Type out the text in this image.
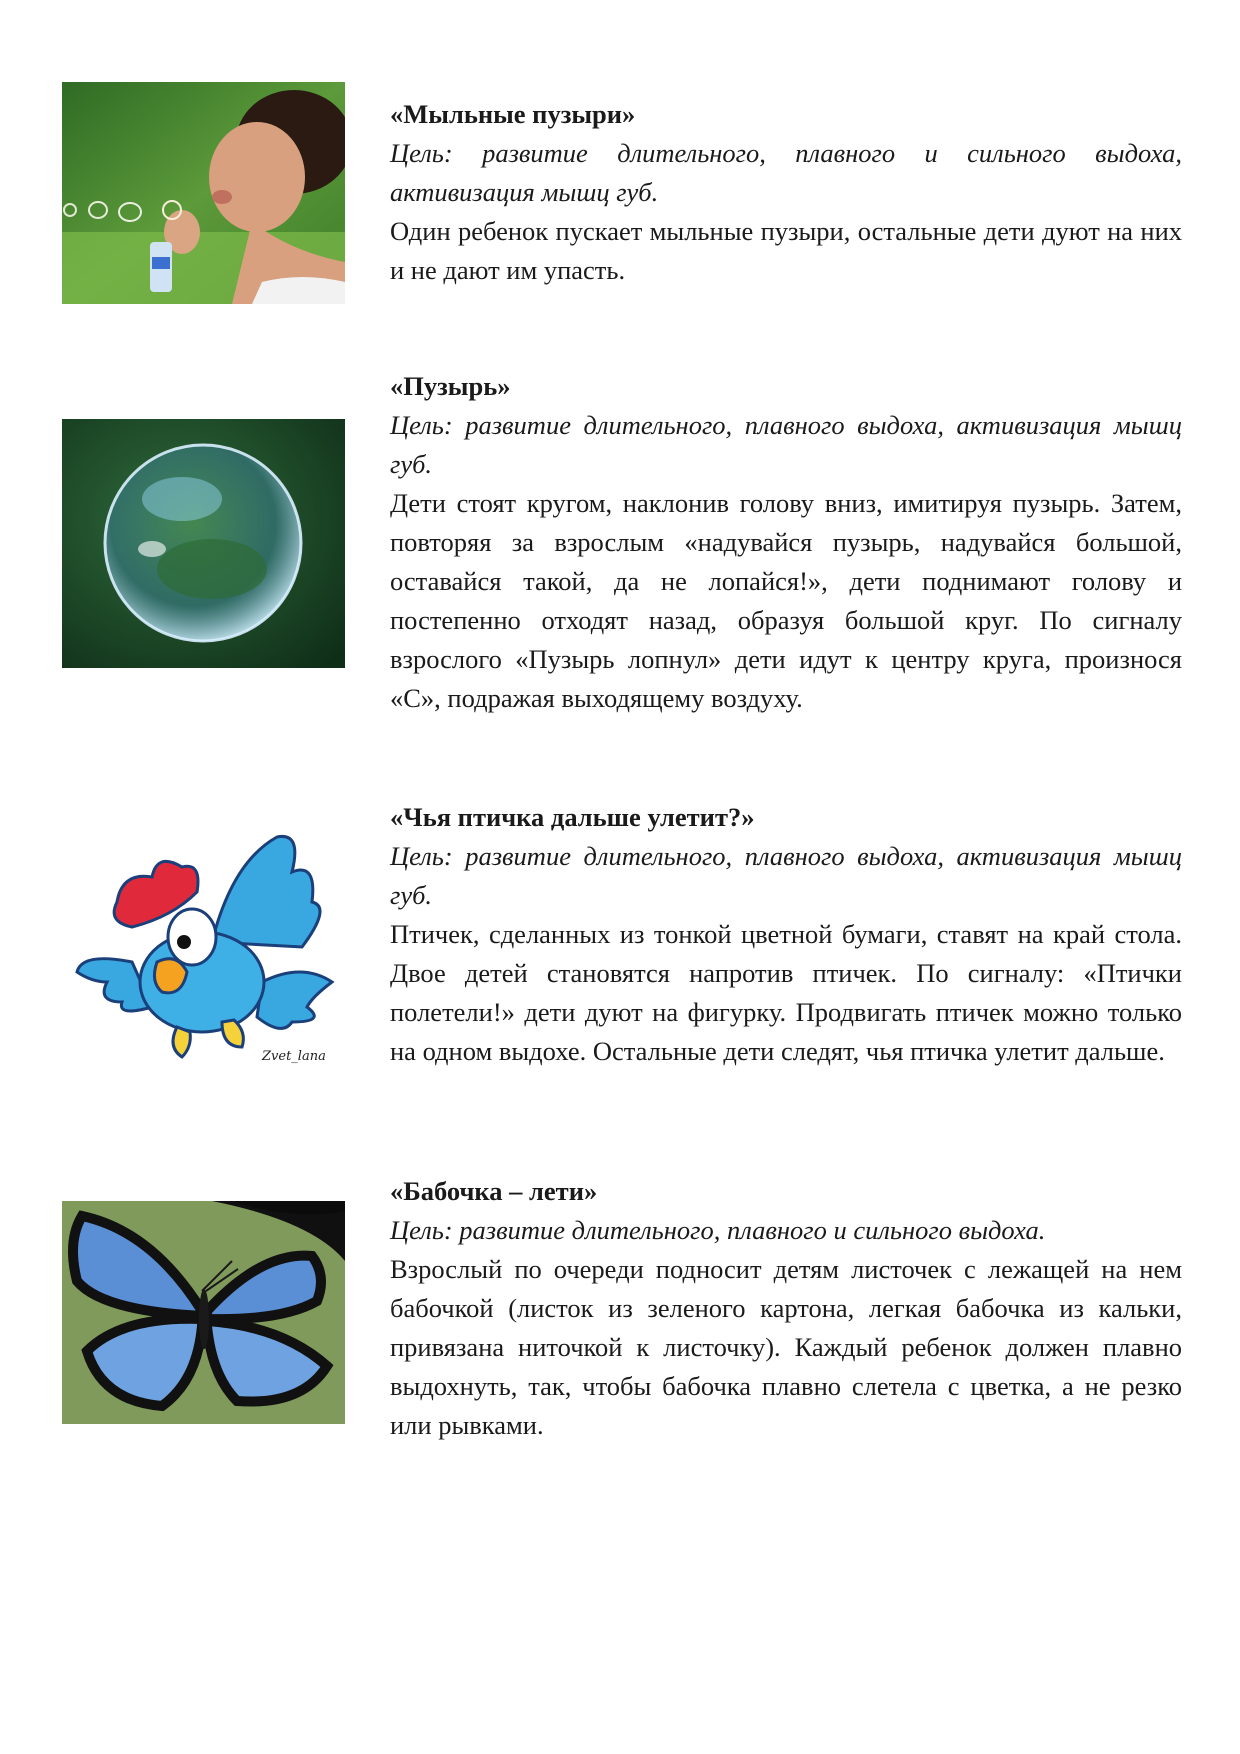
«Мыльные пузыри»
Цель: развитие длительного, плавного и сильного выдоха, активизация мышц губ.
Один ребенок пускает мыльные пузыри, остальные дети дуют на них и не дают им упасть.
«Пузырь»
Цель: развитие длительного, плавного выдоха, активизация мышц губ.
Дети стоят кругом, наклонив голову вниз, имитируя пузырь. Затем, повторяя за взрослым «надувайся пузырь, надувайся большой, оставайся такой, да не лопайся!», дети поднимают голову и постепенно отходят назад, образуя большой круг. По сигналу взрослого «Пузырь лопнул» дети идут к центру круга, произнося «С», подражая выходящему воздуху.
Zvet_lana
«Чья птичка дальше улетит?»
Цель: развитие длительного, плавного выдоха, активизация мышц губ.
Птичек, сделанных из тонкой цветной бумаги, ставят на край стола. Двое детей становятся напротив птичек. По сигналу: «Птички полетели!» дети дуют на фигурку. Продвигать птичек можно только на одном выдохе. Остальные дети следят, чья птичка улетит дальше.
«Бабочка – лети»
Цель: развитие длительного, плавного и сильного выдоха.
Взрослый по очереди подносит детям листочек с лежащей на нем бабочкой (листок из зеленого картона, легкая бабочка из кальки, привязана ниточкой к листочку). Каждый ребенок должен плавно выдохнуть, так, чтобы бабочка плавно слетела с цветка, а не резко или рывками.
